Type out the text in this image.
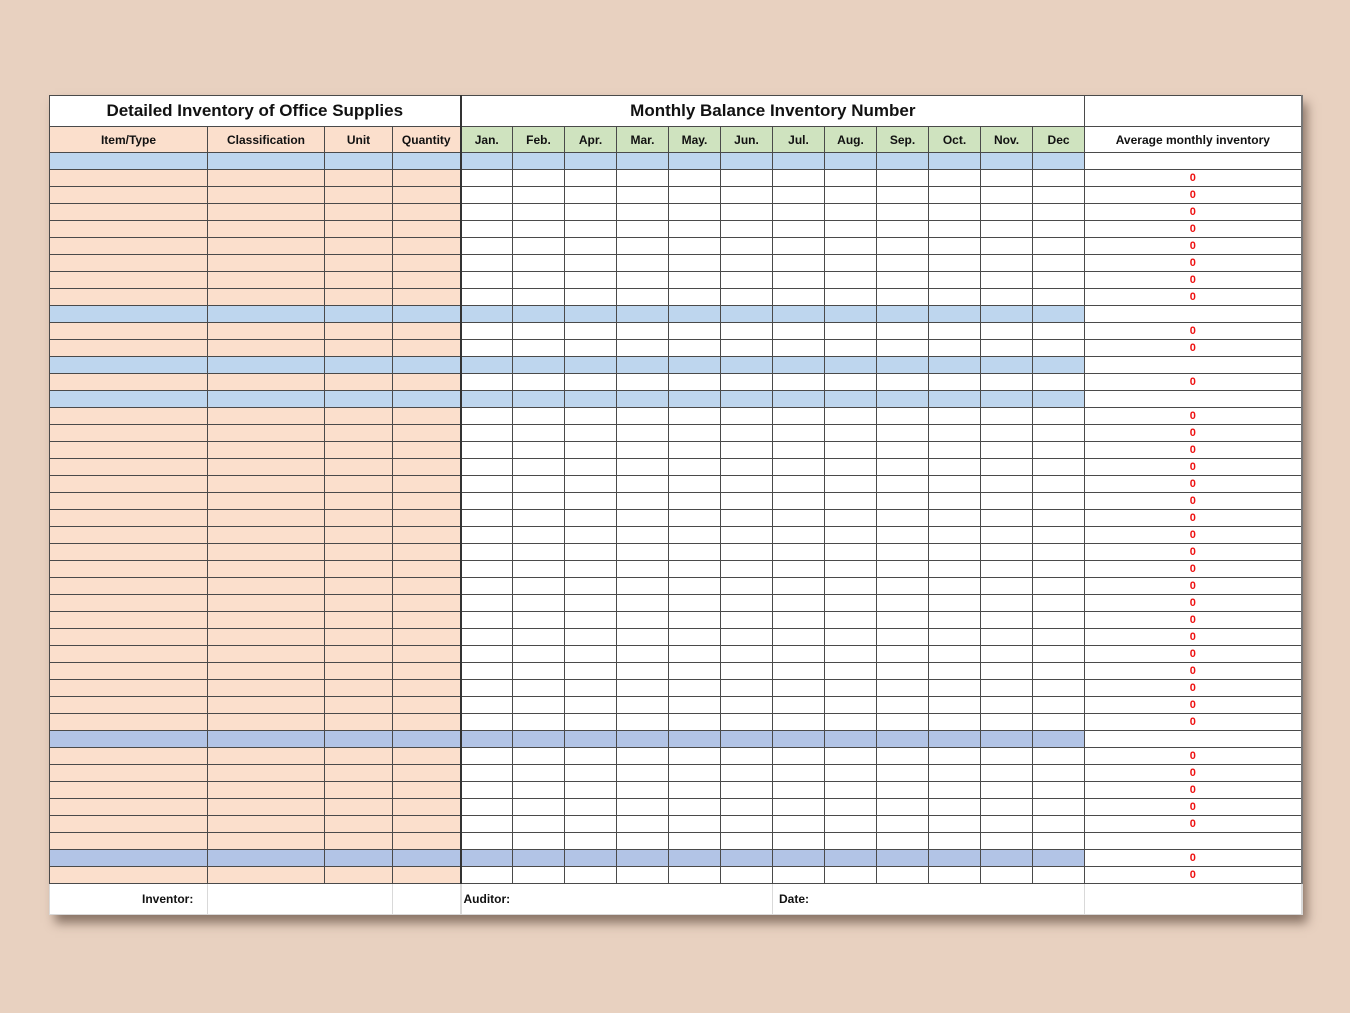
Detailed Inventory of Office Supplies				Monthly Balance Inventory Number												
Item/Type	Classification	Unit	Quantity	Jan.	Feb.	Apr.	Mar.	May.	Jun.	Jul.	Aug.	Sep.	Oct.	Nov.	Dec	Average monthly inventory

																0
																0
																0
																0
																0
																0
																0
																0

																0
																0

																0

																0
																0
																0
																0
																0
																0
																0
																0
																0
																0
																0
																0
																0
																0
																0
																0
																0
																0
																0

																0
																0
																0
																0
																0

																0
																0
	Inventor:			Auditor:						Date:						
